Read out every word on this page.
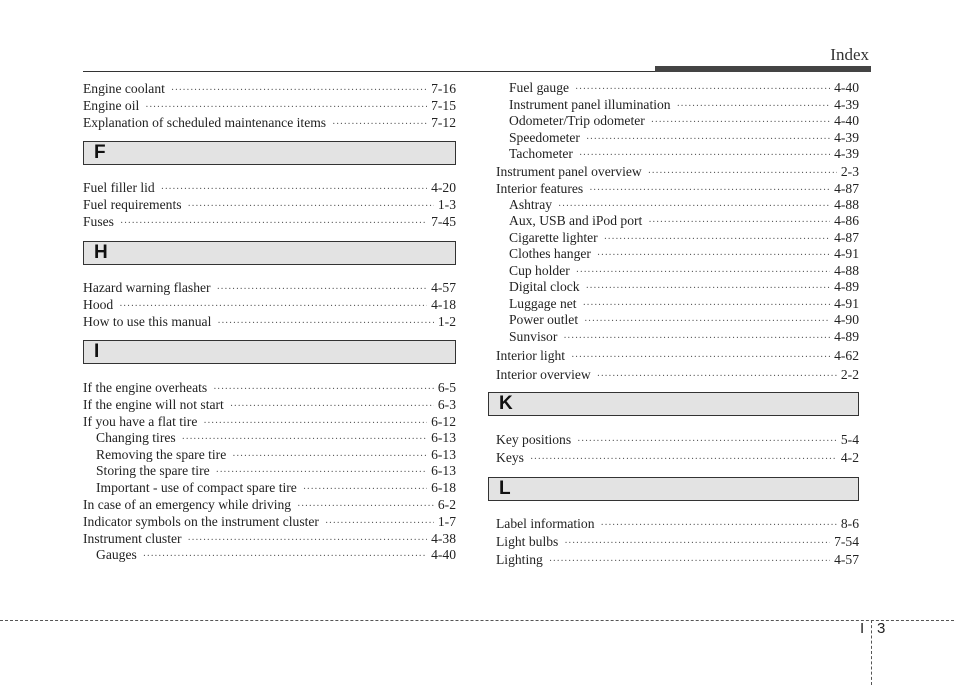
Index
Engine coolant ·····	7-16
Engine oil ·····	7-15
Explanation of scheduled maintenance items ·····	7-12
F
Fuel filler lid ·····	4-20
Fuel requirements ·····	1-3
Fuses ·····	7-45
H
Hazard warning flasher ·····	4-57
Hood ·····	4-18
How to use this manual ·····	1-2
I
If the engine overheats ·····	6-5
If the engine will not start ·····	6-3
If you have a flat tire ·····	6-12
Changing tires ·····	6-13
Removing the spare tire ·····	6-13
Storing the spare tire ·····	6-13
Important - use of compact spare tire ·····	6-18
In case of an emergency while driving ·····	6-2
Indicator symbols on the instrument cluster ·····	1-7
Instrument cluster ·····	4-38
Gauges ·····	4-40
Fuel gauge ·····	4-40
Instrument panel illumination ·····	4-39
Odometer/Trip odometer ·····	4-40
Speedometer ·····	4-39
Tachometer ·····	4-39
Instrument panel overview ·····	2-3
Interior features ·····	4-87
Ashtray ·····	4-88
Aux, USB and iPod port ·····	4-86
Cigarette lighter ·····	4-87
Clothes hanger ·····	4-91
Cup holder ·····	4-88
Digital clock ·····	4-89
Luggage net ·····	4-91
Power outlet ·····	4-90
Sunvisor ·····	4-89
Interior light ·····	4-62
Interior overview ·····	2-2
K
Key positions ·····	5-4
Keys ·····	4-2
L
Label information ·····	8-6
Light bulbs ·····	7-54
Lighting ·····	4-57
I 3
